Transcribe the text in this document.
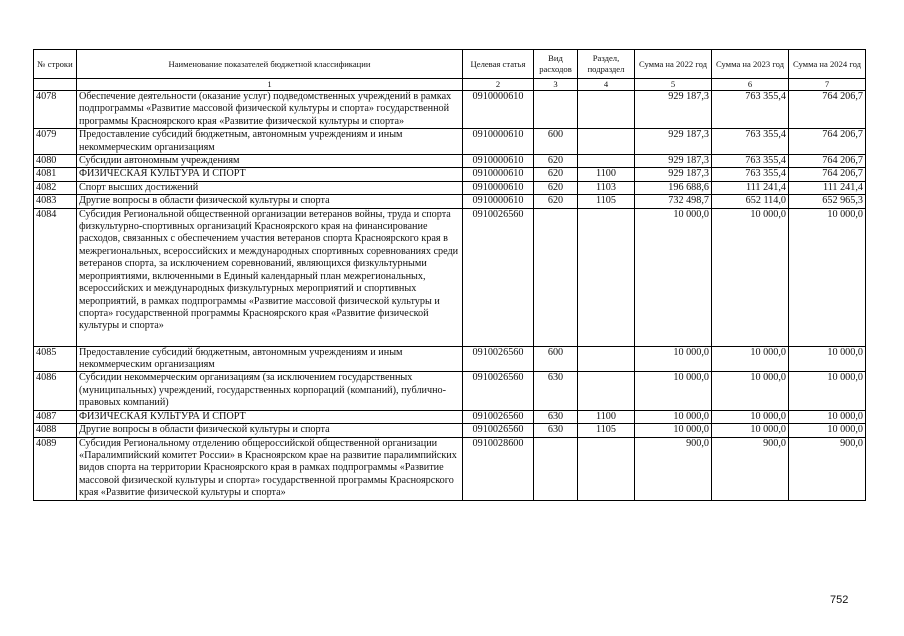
№ строки	Наименование показателей бюджетной классификации	Целевая статья	Вид расходов	Раздел, подраздел	Сумма на 2022 год	Сумма на 2023 год	Сумма на 2024 год
	1	2	3	4	5	6	7
4078	Обеспечение деятельности (оказание услуг) подведомственных учреждений в рамках подпрограммы «Развитие массовой физической культуры и спорта» государственной программы Красноярского края «Развитие физической культуры и спорта»	0910000610			929 187,3	763 355,4	764 206,7
4079	Предоставление субсидий бюджетным, автономным учреждениям и иным некоммерческим организациям	0910000610	600		929 187,3	763 355,4	764 206,7
4080	Субсидии автономным учреждениям	0910000610	620		929 187,3	763 355,4	764 206,7
4081	ФИЗИЧЕСКАЯ КУЛЬТУРА И СПОРТ	0910000610	620	1100	929 187,3	763 355,4	764 206,7
4082	Спорт высших достижений	0910000610	620	1103	196 688,6	111 241,4	111 241,4
4083	Другие вопросы в области физической культуры и спорта	0910000610	620	1105	732 498,7	652 114,0	652 965,3
4084	Субсидия Региональной общественной организации ветеранов войны, труда и спорта физкультурно-спортивных организаций Красноярского края на финансирование расходов, связанных с обеспечением участия ветеранов спорта Красноярского края в межрегиональных, всероссийских и международных спортивных соревнованиях среди ветеранов спорта, за исключением соревнований, являющихся физкультурными мероприятиями, включенными в Единый календарный план межрегиональных, всероссийских и международных физкультурных мероприятий и спортивных мероприятий, в рамках подпрограммы «Развитие массовой физической культуры и спорта» государственной программы Красноярского края «Развитие физической культуры и спорта»	0910026560			10 000,0	10 000,0	10 000,0
4085	Предоставление субсидий бюджетным, автономным учреждениям и иным некоммерческим организациям	0910026560	600		10 000,0	10 000,0	10 000,0
4086	Субсидии некоммерческим организациям (за исключением государственных (муниципальных) учреждений, государственных корпораций (компаний), публично-правовых компаний)	0910026560	630		10 000,0	10 000,0	10 000,0
4087	ФИЗИЧЕСКАЯ КУЛЬТУРА И СПОРТ	0910026560	630	1100	10 000,0	10 000,0	10 000,0
4088	Другие вопросы в области физической культуры и спорта	0910026560	630	1105	10 000,0	10 000,0	10 000,0
4089	Субсидия Региональному отделению общероссийской общественной организации «Паралимпийский комитет России» в Красноярском крае на развитие паралимпийских видов спорта на территории Красноярского края в рамках подпрограммы «Развитие массовой физической культуры и спорта» государственной программы Красноярского края «Развитие физической культуры и спорта»	0910028600			900,0	900,0	900,0
752
